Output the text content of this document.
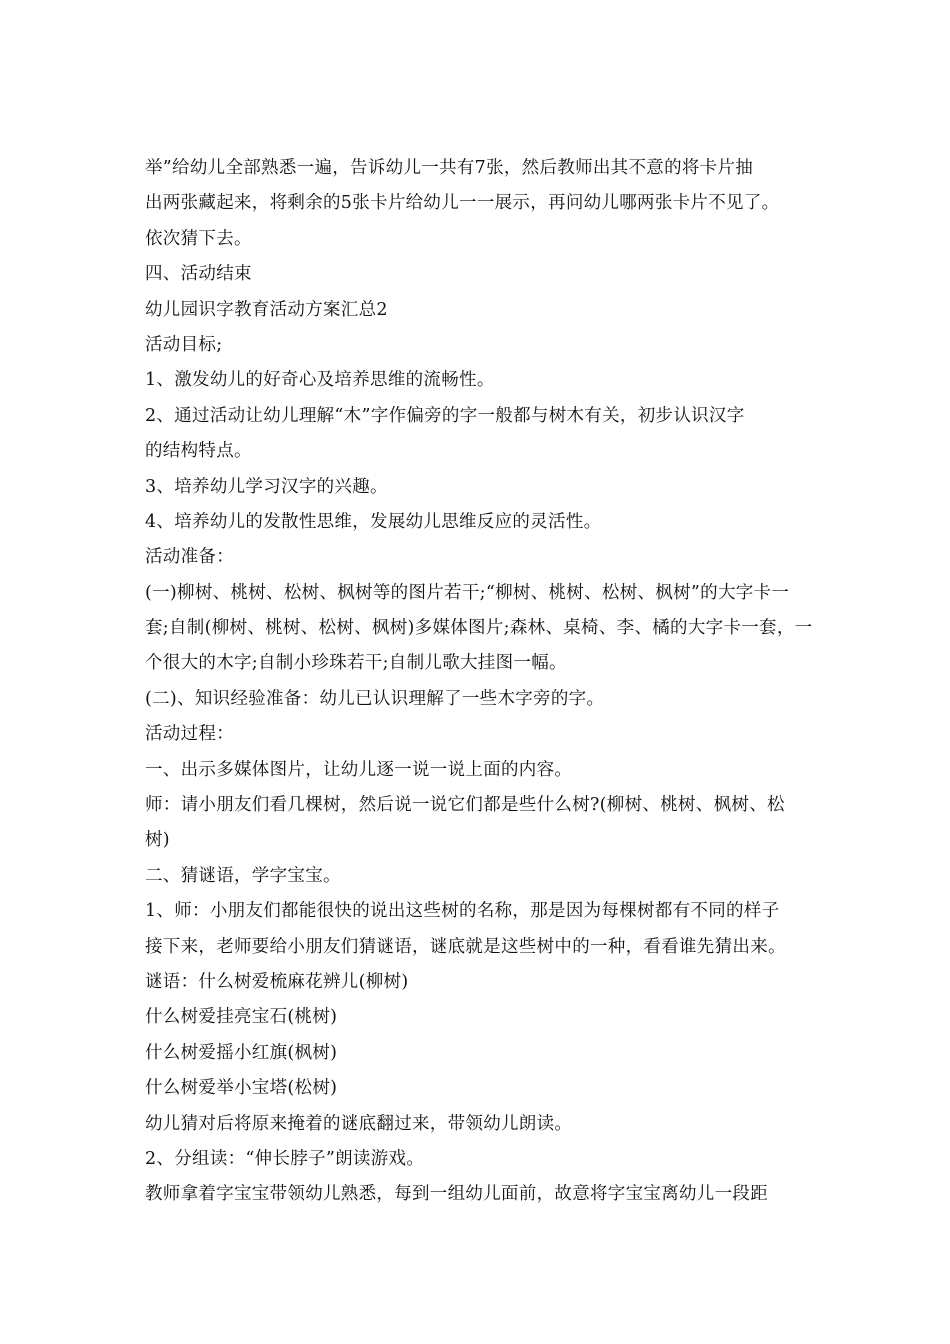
举”给幼儿全部熟悉一遍，告诉幼儿一共有7张，然后教师出其不意的将卡片抽
出两张藏起来，将剩余的5张卡片给幼儿一一展示，再问幼儿哪两张卡片不见了。
依次猜下去。
四、活动结束
幼儿园识字教育活动方案汇总2
活动目标;
1、激发幼儿的好奇心及培养思维的流畅性。
2、通过活动让幼儿理解“木”字作偏旁的字一般都与树木有关，初步认识汉字
的结构特点。
3、培养幼儿学习汉字的兴趣。
4、培养幼儿的发散性思维，发展幼儿思维反应的灵活性。
活动准备：
(一)柳树、桃树、松树、枫树等的图片若干;“柳树、桃树、松树、枫树”的大字卡一
套;自制(柳树、桃树、松树、枫树)多媒体图片;森林、桌椅、李、橘的大字卡一套，一
个很大的木字;自制小珍珠若干;自制儿歌大挂图一幅。
(二)、知识经验准备：幼儿已认识理解了一些木字旁的字。
活动过程：
一、出示多媒体图片，让幼儿逐一说一说上面的内容。
师：请小朋友们看几棵树，然后说一说它们都是些什么树?(柳树、桃树、枫树、松
树)
二、猜谜语，学字宝宝。
1、师：小朋友们都能很快的说出这些树的名称，那是因为每棵树都有不同的样子
接下来，老师要给小朋友们猜谜语，谜底就是这些树中的一种，看看谁先猜出来。
谜语：什么树爱梳麻花辨儿(柳树)
什么树爱挂亮宝石(桃树)
什么树爱摇小红旗(枫树)
什么树爱举小宝塔(松树)
幼儿猜对后将原来掩着的谜底翻过来，带领幼儿朗读。
2、分组读：“伸长脖子”朗读游戏。
教师拿着字宝宝带领幼儿熟悉，每到一组幼儿面前，故意将字宝宝离幼儿一段距
